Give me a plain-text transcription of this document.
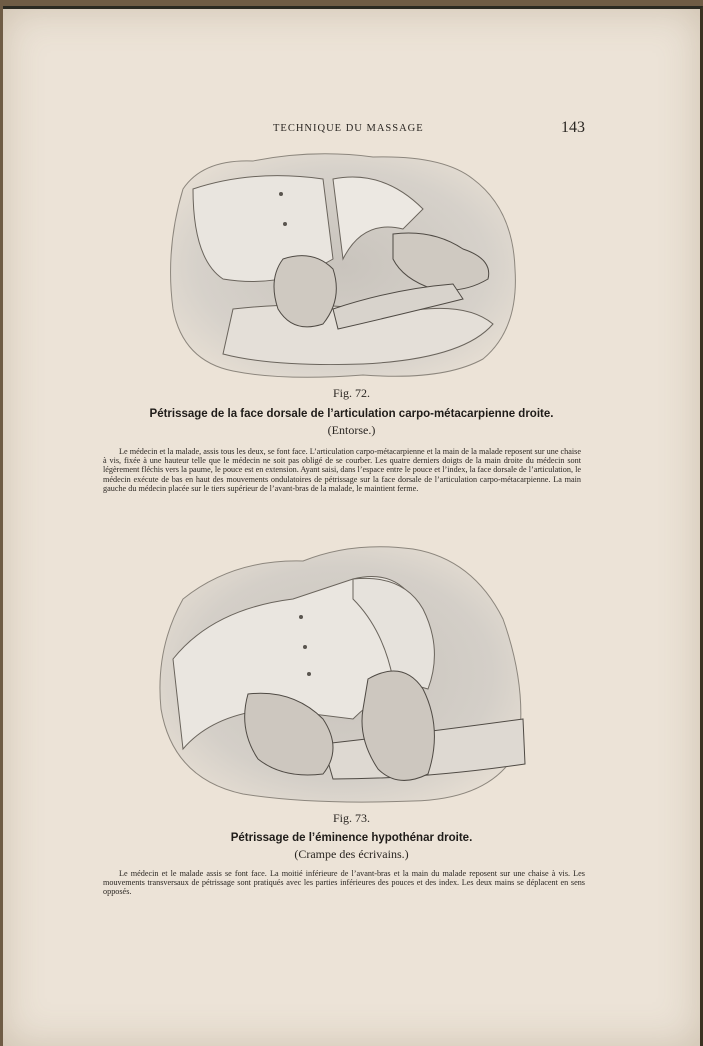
TECHNIQUE DU MASSAGE	143
Fig. 72.
Pétrissage de la face dorsale de l’articulation carpo-métacarpienne droite.
(Entorse.)
Le médecin et la malade, assis tous les deux, se font face. L’articulation carpo-métacarpienne et la main de la malade reposent sur une chaise à vis, fixée à une hauteur telle que le médecin ne soit pas obligé de se courber. Les quatre derniers doigts de la main droite du médecin sont légèrement fléchis vers la paume, le pouce est en extension. Ayant saisi, dans l’espace entre le pouce et l’index, la face dorsale de l’articulation, le médecin exécute de bas en haut des mouvements ondulatoires de pétrissage sur la face dorsale de l’articulation carpo-métacarpienne. La main gauche du médecin placée sur le tiers supérieur de l’avant-bras de la malade, le maintient ferme.
Fig. 73.
Pétrissage de l’éminence hypothénar droite.
(Crampe des écrivains.)
Le médecin et le malade assis se font face. La moitié inférieure de l’avant-bras et la main du malade reposent sur une chaise à vis. Les mouvements transversaux de pétrissage sont pratiqués avec les parties inférieures des pouces et des index. Les deux mains se déplacent en sens opposés.
